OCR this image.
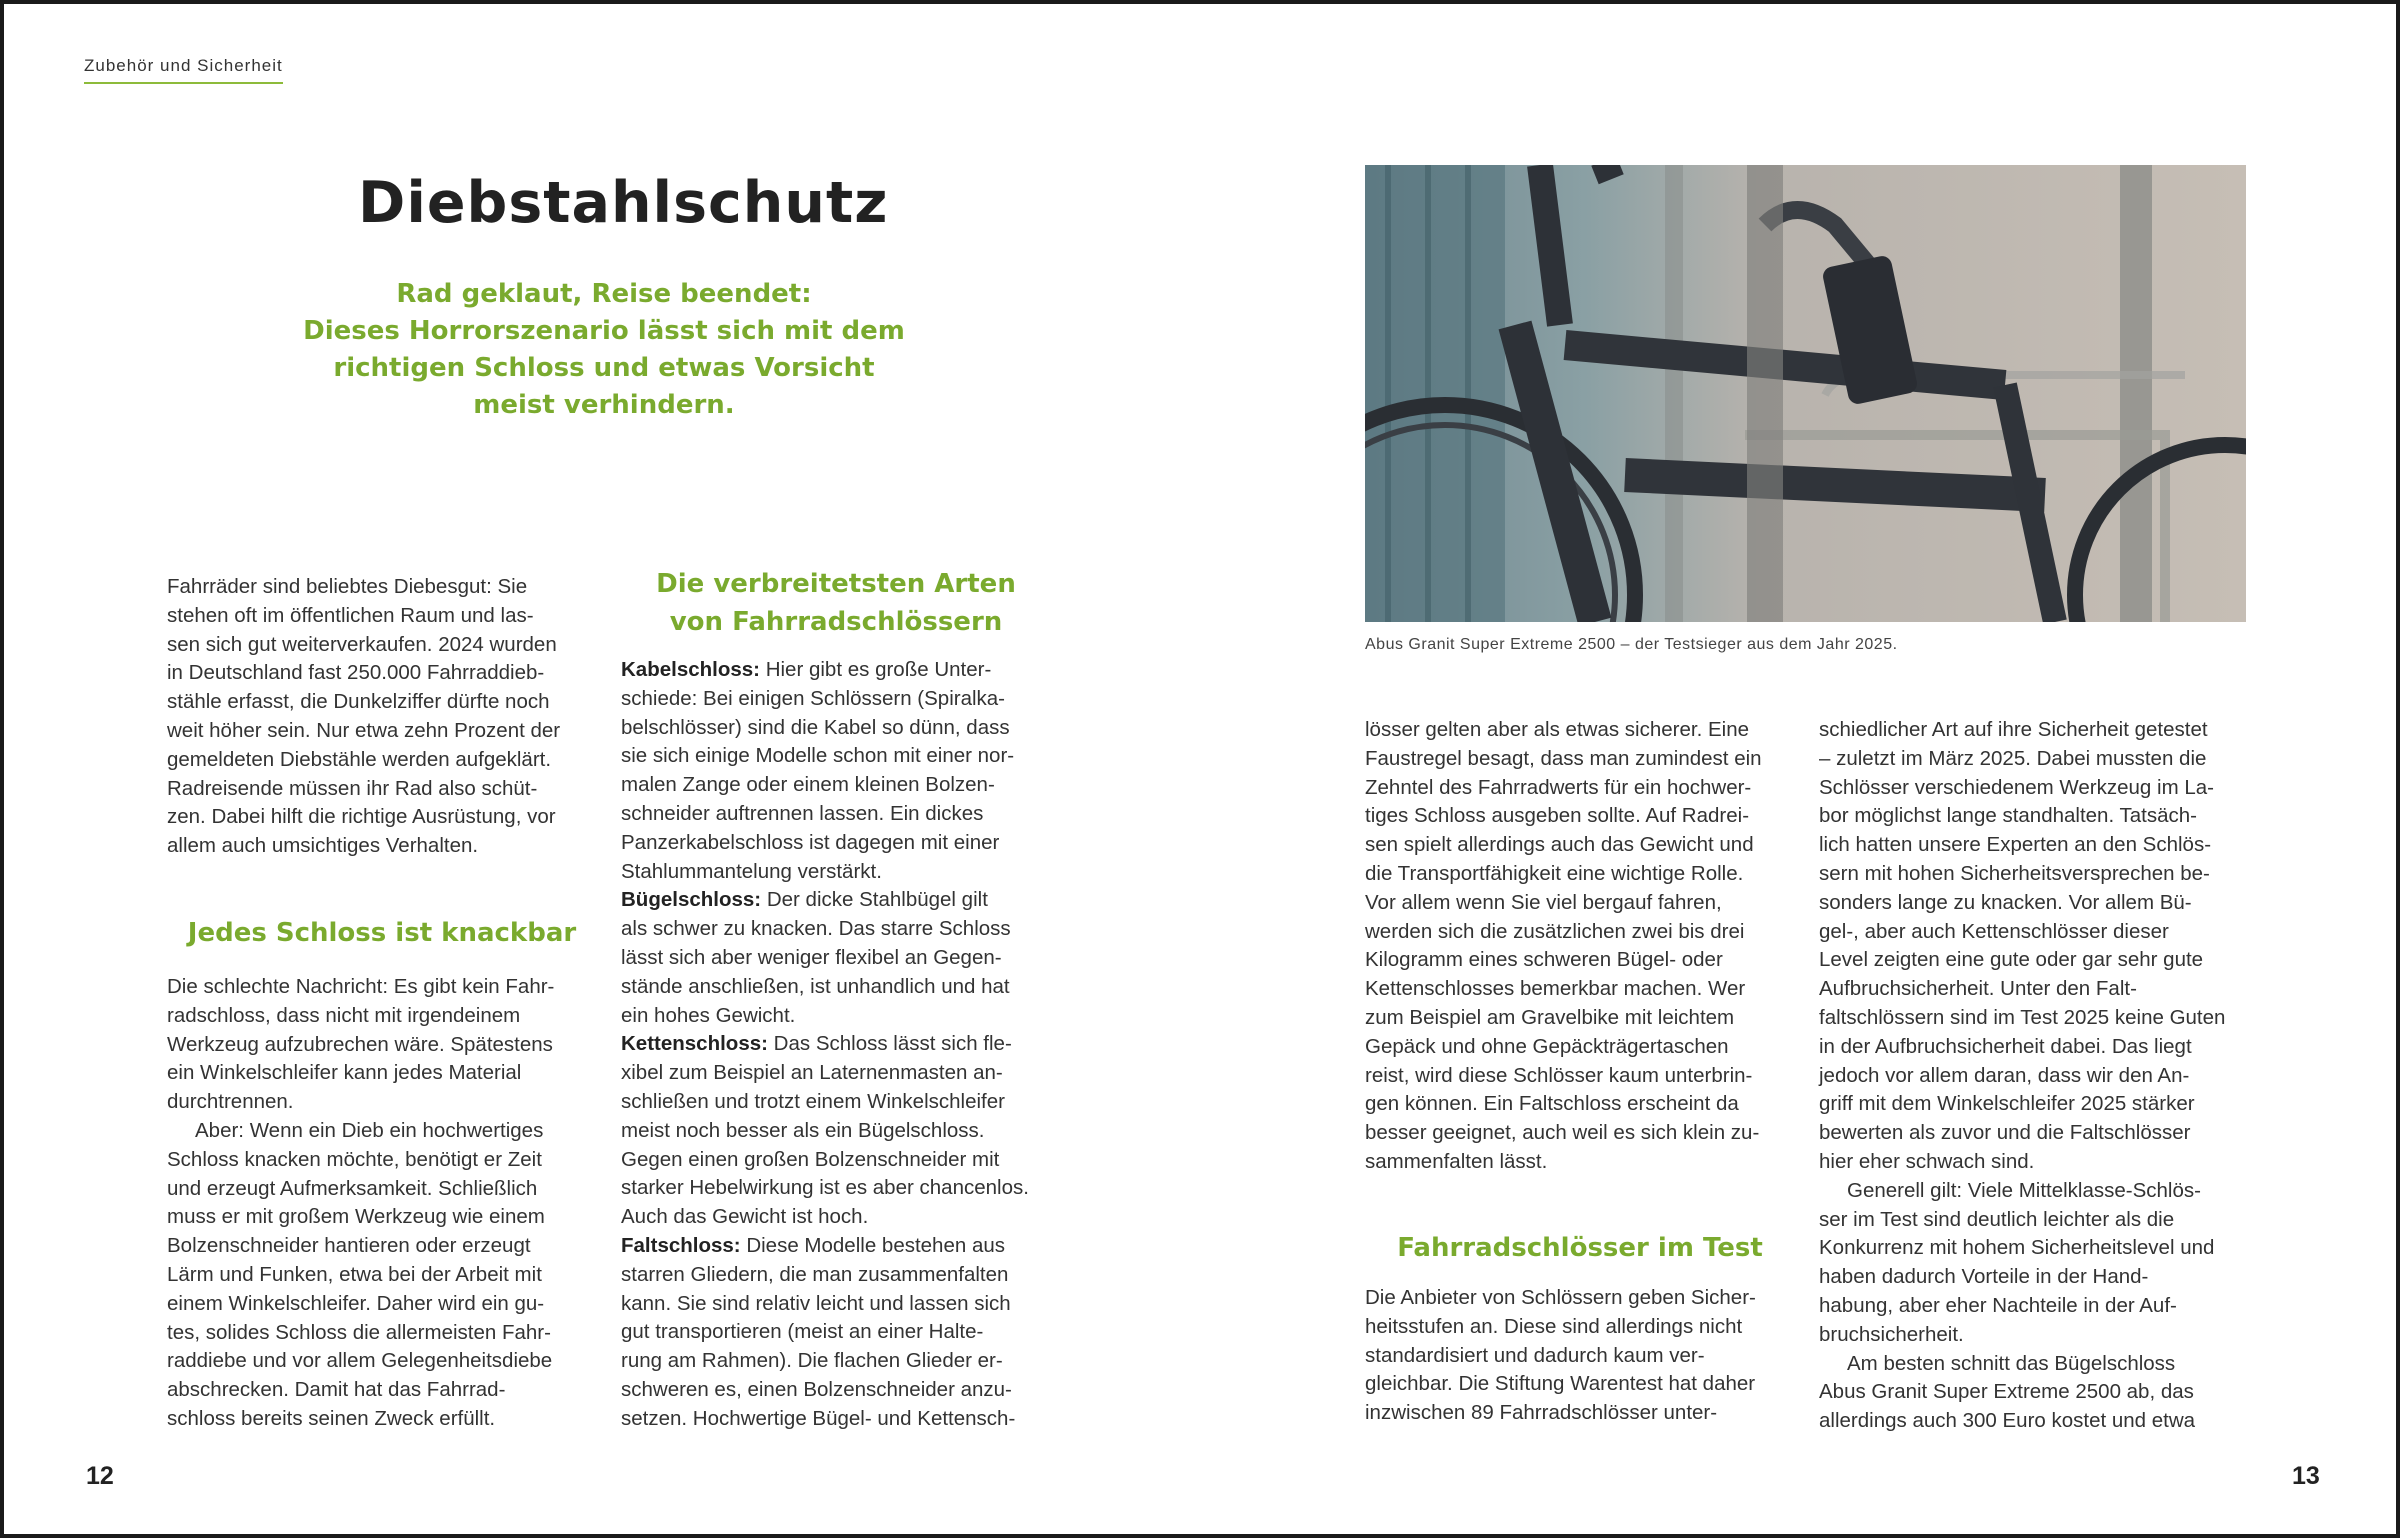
Zubehör und Sicherheit
Diebstahlschutz
Rad geklaut, Reise beendet:
Dieses Horrorszenario lässt sich mit dem
richtigen Schloss und etwas Vorsicht
meist verhindern.
Fahrräder sind beliebtes Diebesgut: Sie
stehen oft im öffentlichen Raum und las-
sen sich gut weiterverkaufen. 2024 wurden
in Deutschland fast 250.000 Fahrraddieb-
stähle erfasst, die Dunkelziffer dürfte noch
weit höher sein. Nur etwa zehn Prozent der
gemeldeten Diebstähle werden aufgeklärt.
Radreisende müssen ihr Rad also schüt-
zen. Dabei hilft die richtige Ausrüstung, vor
allem auch umsichtiges Verhalten.
Jedes Schloss ist knackbar
Die schlechte Nachricht: Es gibt kein Fahr-
radschloss, dass nicht mit irgendeinem
Werkzeug aufzubrechen wäre. Spätestens
ein Winkelschleifer kann jedes Material
durchtrennen.
Aber: Wenn ein Dieb ein hochwertiges
Schloss knacken möchte, benötigt er Zeit
und erzeugt Aufmerksamkeit. Schließlich
muss er mit großem Werkzeug wie einem
Bolzenschneider hantieren oder erzeugt
Lärm und Funken, etwa bei der Arbeit mit
einem Winkelschleifer. Daher wird ein gu-
tes, solides Schloss die allermeisten Fahr-
raddiebe und vor allem Gelegenheitsdiebe
abschrecken. Damit hat das Fahrrad-
schloss bereits seinen Zweck erfüllt.
Die verbreitetsten Arten
von Fahrradschlössern
Kabelschloss: Hier gibt es große Unter-
schiede: Bei einigen Schlössern (Spiralka-
belschlösser) sind die Kabel so dünn, dass
sie sich einige Modelle schon mit einer nor-
malen Zange oder einem kleinen Bolzen-
schneider auftrennen lassen. Ein dickes
Panzerkabelschloss ist dagegen mit einer
Stahlummantelung verstärkt.
Bügelschloss: Der dicke Stahlbügel gilt
als schwer zu knacken. Das starre Schloss
lässt sich aber weniger flexibel an Gegen-
stände anschließen, ist unhandlich und hat
ein hohes Gewicht.
Kettenschloss: Das Schloss lässt sich fle-
xibel zum Beispiel an Laternenmasten an-
schließen und trotzt einem Winkelschleifer
meist noch besser als ein Bügelschloss.
Gegen einen großen Bolzenschneider mit
starker Hebelwirkung ist es aber chancenlos.
Auch das Gewicht ist hoch.
Faltschloss: Diese Modelle bestehen aus
starren Gliedern, die man zusammenfalten
kann. Sie sind relativ leicht und lassen sich
gut transportieren (meist an einer Halte-
rung am Rahmen). Die flachen Glieder er-
schweren es, einen Bolzenschneider anzu-
setzen. Hochwertige Bügel- und Kettensch-
12
Abus Granit Super Extreme 2500 – der Testsieger aus dem Jahr 2025.
lösser gelten aber als etwas sicherer. Eine
Faustregel besagt, dass man zumindest ein
Zehntel des Fahrradwerts für ein hochwer-
tiges Schloss ausgeben sollte. Auf Radrei-
sen spielt allerdings auch das Gewicht und
die Transportfähigkeit eine wichtige Rolle.
Vor allem wenn Sie viel bergauf fahren,
werden sich die zusätzlichen zwei bis drei
Kilogramm eines schweren Bügel- oder
Kettenschlosses bemerkbar machen. Wer
zum Beispiel am Gravelbike mit leichtem
Gepäck und ohne Gepäckträgertaschen
reist, wird diese Schlösser kaum unterbrin-
gen können. Ein Faltschloss erscheint da
besser geeignet, auch weil es sich klein zu-
sammenfalten lässt.
Fahrradschlösser im Test
Die Anbieter von Schlössern geben Sicher-
heitsstufen an. Diese sind allerdings nicht
standardisiert und dadurch kaum ver-
gleichbar. Die Stiftung Warentest hat daher
inzwischen 89 Fahrradschlösser unter-
schiedlicher Art auf ihre Sicherheit getestet
– zuletzt im März 2025. Dabei mussten die
Schlösser verschiedenem Werkzeug im La-
bor möglichst lange standhalten. Tatsäch-
lich hatten unsere Experten an den Schlös-
sern mit hohen Sicherheitsversprechen be-
sonders lange zu knacken. Vor allem Bü-
gel-, aber auch Kettenschlösser dieser
Level zeigten eine gute oder gar sehr gute
Aufbruchsicherheit. Unter den Falt-
faltschlössern sind im Test 2025 keine Guten
in der Aufbruchsicherheit dabei. Das liegt
jedoch vor allem daran, dass wir den An-
griff mit dem Winkelschleifer 2025 stärker
bewerten als zuvor und die Faltschlösser
hier eher schwach sind.
Generell gilt: Viele Mittelklasse-Schlös-
ser im Test sind deutlich leichter als die
Konkurrenz mit hohem Sicherheitslevel und
haben dadurch Vorteile in der Hand-
habung, aber eher Nachteile in der Auf-
bruchsicherheit.
Am besten schnitt das Bügelschloss
Abus Granit Super Extreme 2500 ab, das
allerdings auch 300 Euro kostet und etwa
13
